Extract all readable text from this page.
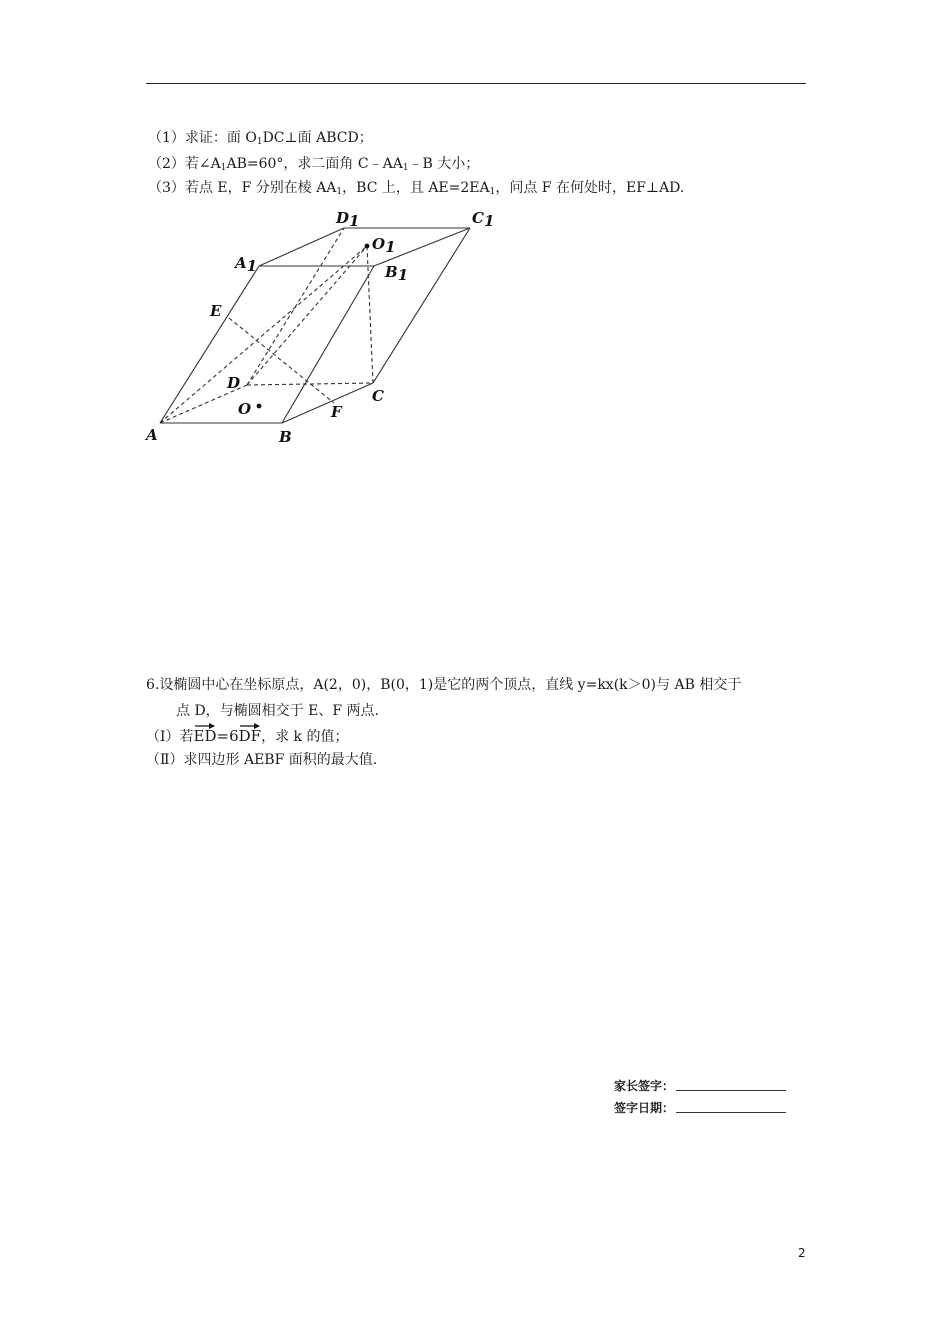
（1）求证：面 $O_1DC\perp$面 ABCD；
（2）若$\angle A_1AB=60^\circ$，求二面角 $C﹣AA_1﹣B$ 大小；
（3）若点 E，F 分别在棱 $AA_1$，BC 上，且 $AE=2EA_1$，问点 F 在何处时，EF⊥AD.
D1	C1
O1
A1	B1
E
D
C
O	F
A	B
6.设椭圆中心在坐标原点，A(2，0)，B(0，1)是它的两个顶点，直线 y=kx(k＞0)与 AB 相交于
点 D，与椭圆相交于 E、F 两点.
（Ⅰ）若
ED=6
DF，求 k 的值；
（Ⅱ）求四边形 AEBF 面积的最大值.
家长签字：
签字日期：
2
